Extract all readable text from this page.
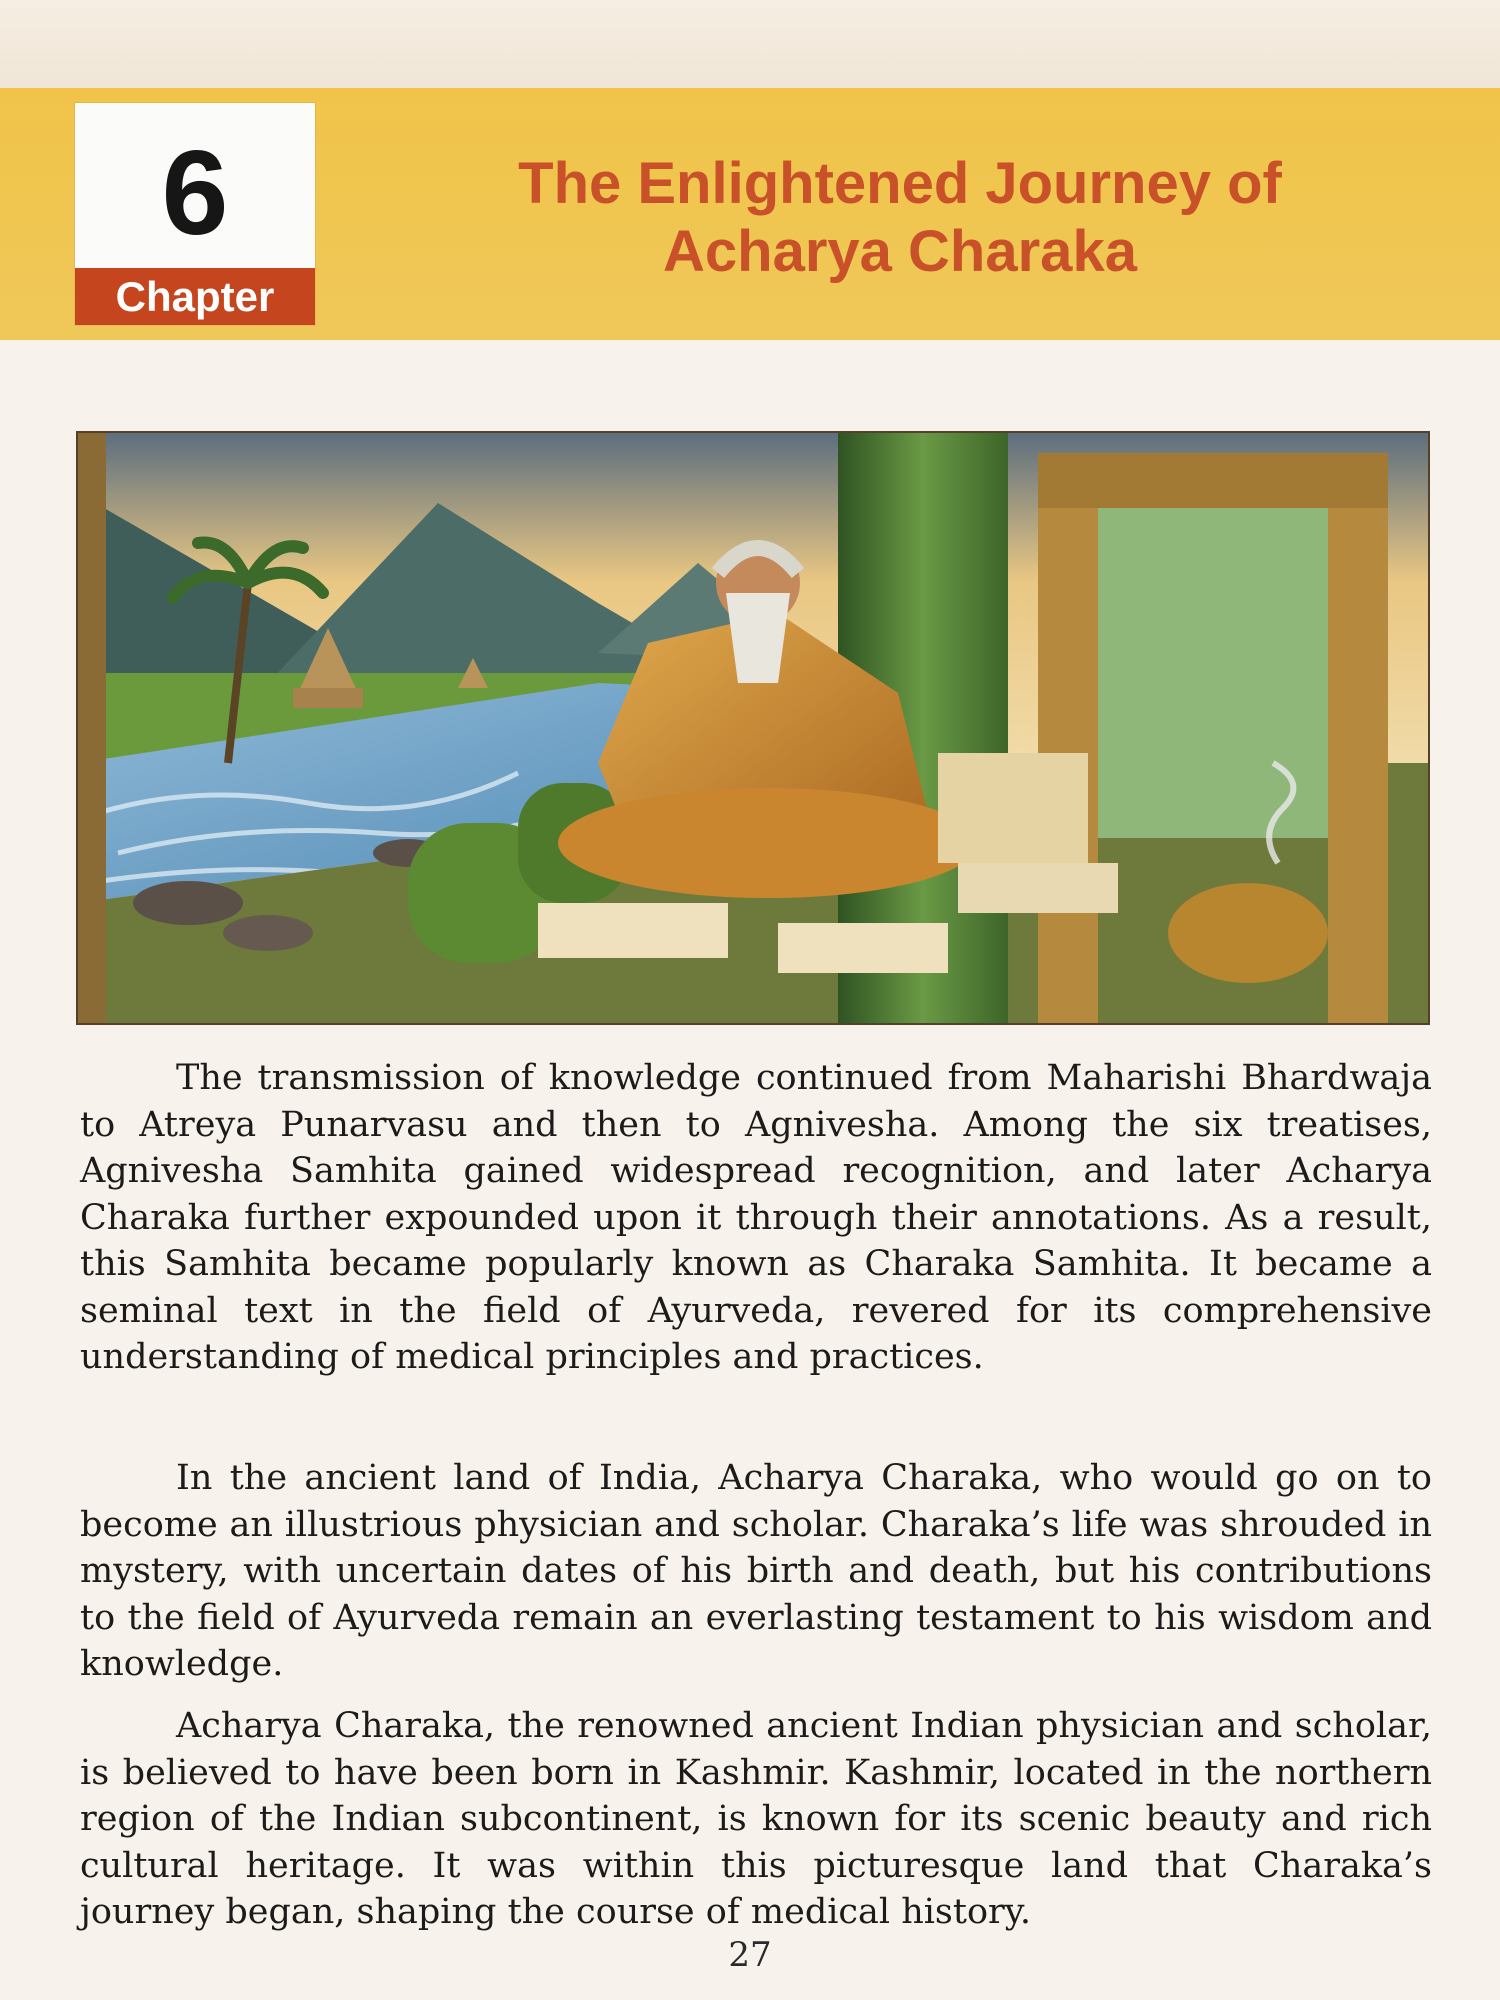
6
Chapter
The Enlightened Journey of
Acharya Charaka

The transmission of knowledge continued from Maharishi Bhardwaja to Atreya Punarvasu and then to Agnivesha. Among the six treatises, Agnivesha Samhita gained widespread recognition, and later Acharya Charaka further expounded upon it through their annotations. As a result, this Samhita became popularly known as Charaka Samhita. It became a seminal text in the field of Ayurveda, revered for its comprehensive understanding of medical principles and practices.

In the ancient land of India, Acharya Charaka, who would go on to become an illustrious physician and scholar. Charaka’s life was shrouded in mystery, with uncertain dates of his birth and death, but his contributions to the field of Ayurveda remain an everlasting testament to his wisdom and knowledge.

Acharya Charaka, the renowned ancient Indian physician and scholar, is believed to have been born in Kashmir. Kashmir, located in the northern region of the Indian subcontinent, is known for its scenic beauty and rich cultural heritage. It was within this picturesque land that Charaka’s journey began, shaping the course of medical history.

27
